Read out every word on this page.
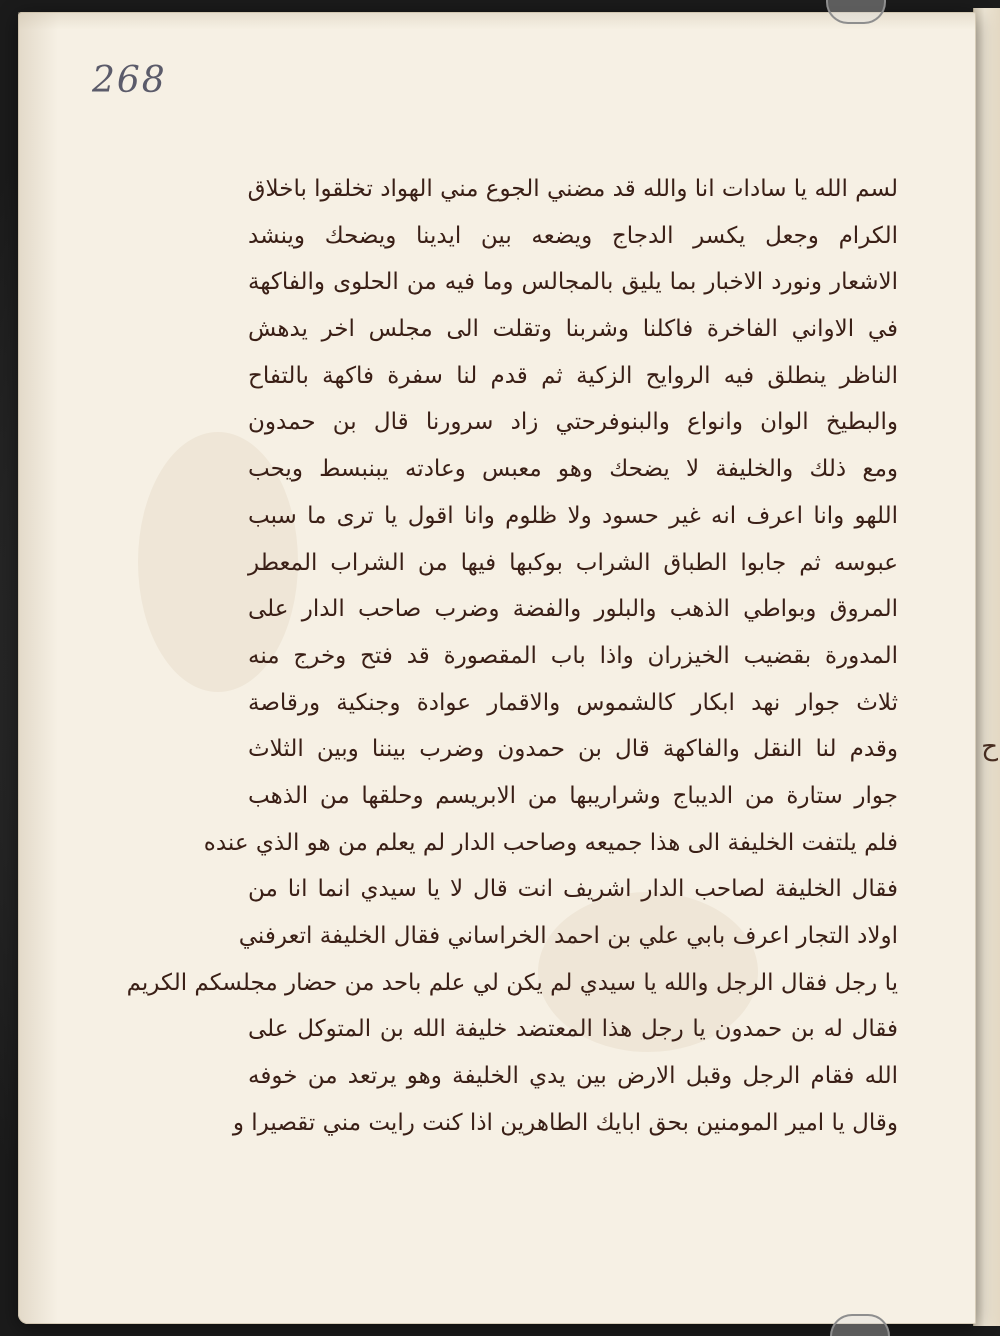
ح
268
لسم الله يا سادات انا والله قد مضني الجوع مني الهواد تخلقوا باخلاق
الكرام وجعل يكسر الدجاج ويضعه بين ايدينا ويضحك وينشد
الاشعار ونورد الاخبار بما يليق بالمجالس وما فيه من الحلوى والفاكهة
في الاواني الفاخرة فاكلنا وشربنا وتقلت الى مجلس اخر يدهش
الناظر ينطلق فيه الروايح الزكية ثم قدم لنا سفرة فاكهة بالتفاح
والبطيخ الوان وانواع والبنوفرحتي زاد سرورنا قال بن حمدون
ومع ذلك والخليفة لا يضحك وهو معبس وعادته يبنبسط ويحب
اللهو وانا اعرف انه غير حسود ولا ظلوم وانا اقول يا ترى ما سبب
عبوسه ثم جابوا الطباق الشراب بوكبها فيها من الشراب المعطر
المروق وبواطي الذهب والبلور والفضة وضرب صاحب الدار على
المدورة بقضيب الخيزران واذا باب المقصورة قد فتح وخرج منه
ثلاث جوار نهد ابكار كالشموس والاقمار عوادة وجنكية ورقاصة
وقدم لنا النقل والفاكهة قال بن حمدون وضرب بيننا وبين الثلاث
جوار ستارة من الديباج وشراريبها من الابريسم وحلقها من الذهب
فلم يلتفت الخليفة الى هذا جميعه وصاحب الدار لم يعلم من هو الذي عنده
فقال الخليفة لصاحب الدار اشريف انت قال لا يا سيدي انما انا من
اولاد التجار اعرف بابي علي بن احمد الخراساني فقال الخليفة اتعرفني
يا رجل فقال الرجل والله يا سيدي لم يكن لي علم باحد من حضار مجلسكم الكريم
فقال له بن حمدون يا رجل هذا المعتضد خليفة الله بن المتوكل على
الله فقام الرجل وقبل الارض بين يدي الخليفة وهو يرتعد من خوفه
وقال يا امير المومنين بحق ابايك الطاهرين اذا كنت رايت مني تقصيرا و
